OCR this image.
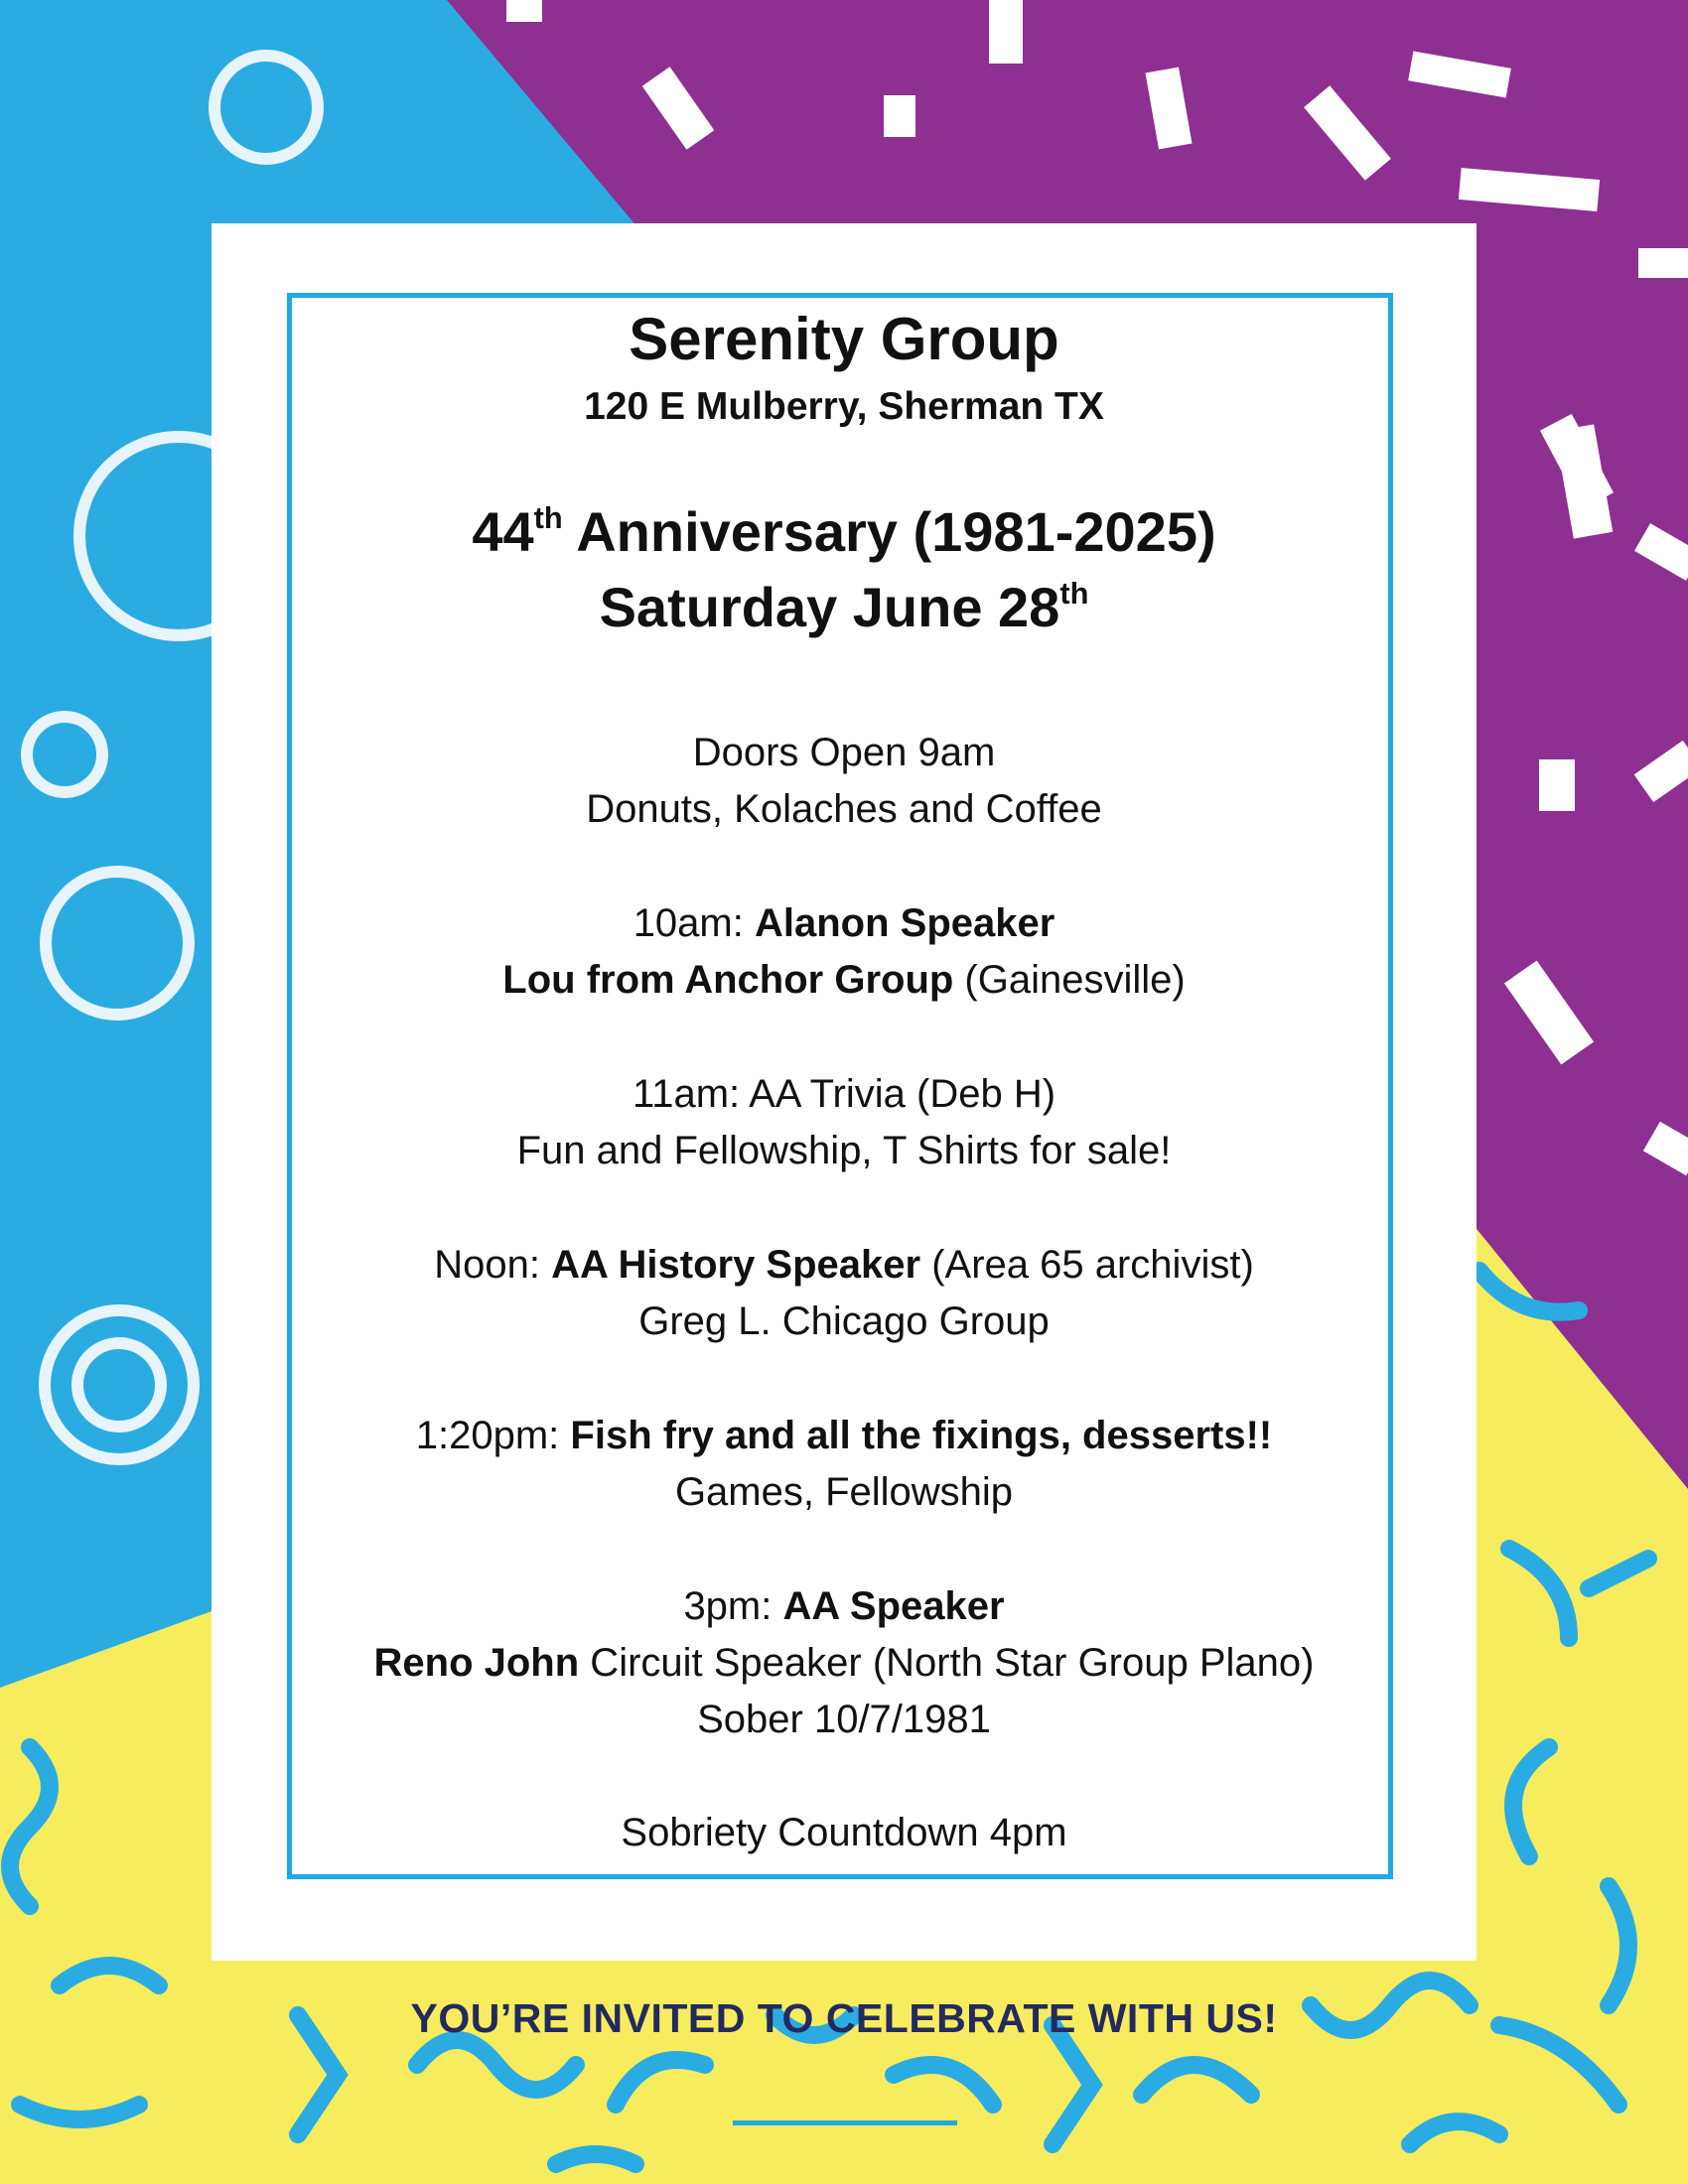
Serenity Group
120 E Mulberry, Sherman TX
44th Anniversary (1981-2025)
Saturday June 28th
Doors Open 9am
Donuts, Kolaches and Coffee
10am: Alanon Speaker
Lou from Anchor Group (Gainesville)
11am: AA Trivia (Deb H)
Fun and Fellowship, T Shirts for sale!
Noon: AA History Speaker (Area 65 archivist)
Greg L. Chicago Group
1:20pm: Fish fry and all the fixings, desserts!!
Games, Fellowship
3pm: AA Speaker
Reno John Circuit Speaker (North Star Group Plano)
Sober 10/7/1981
Sobriety Countdown 4pm
YOU’RE INVITED TO CELEBRATE WITH US!
